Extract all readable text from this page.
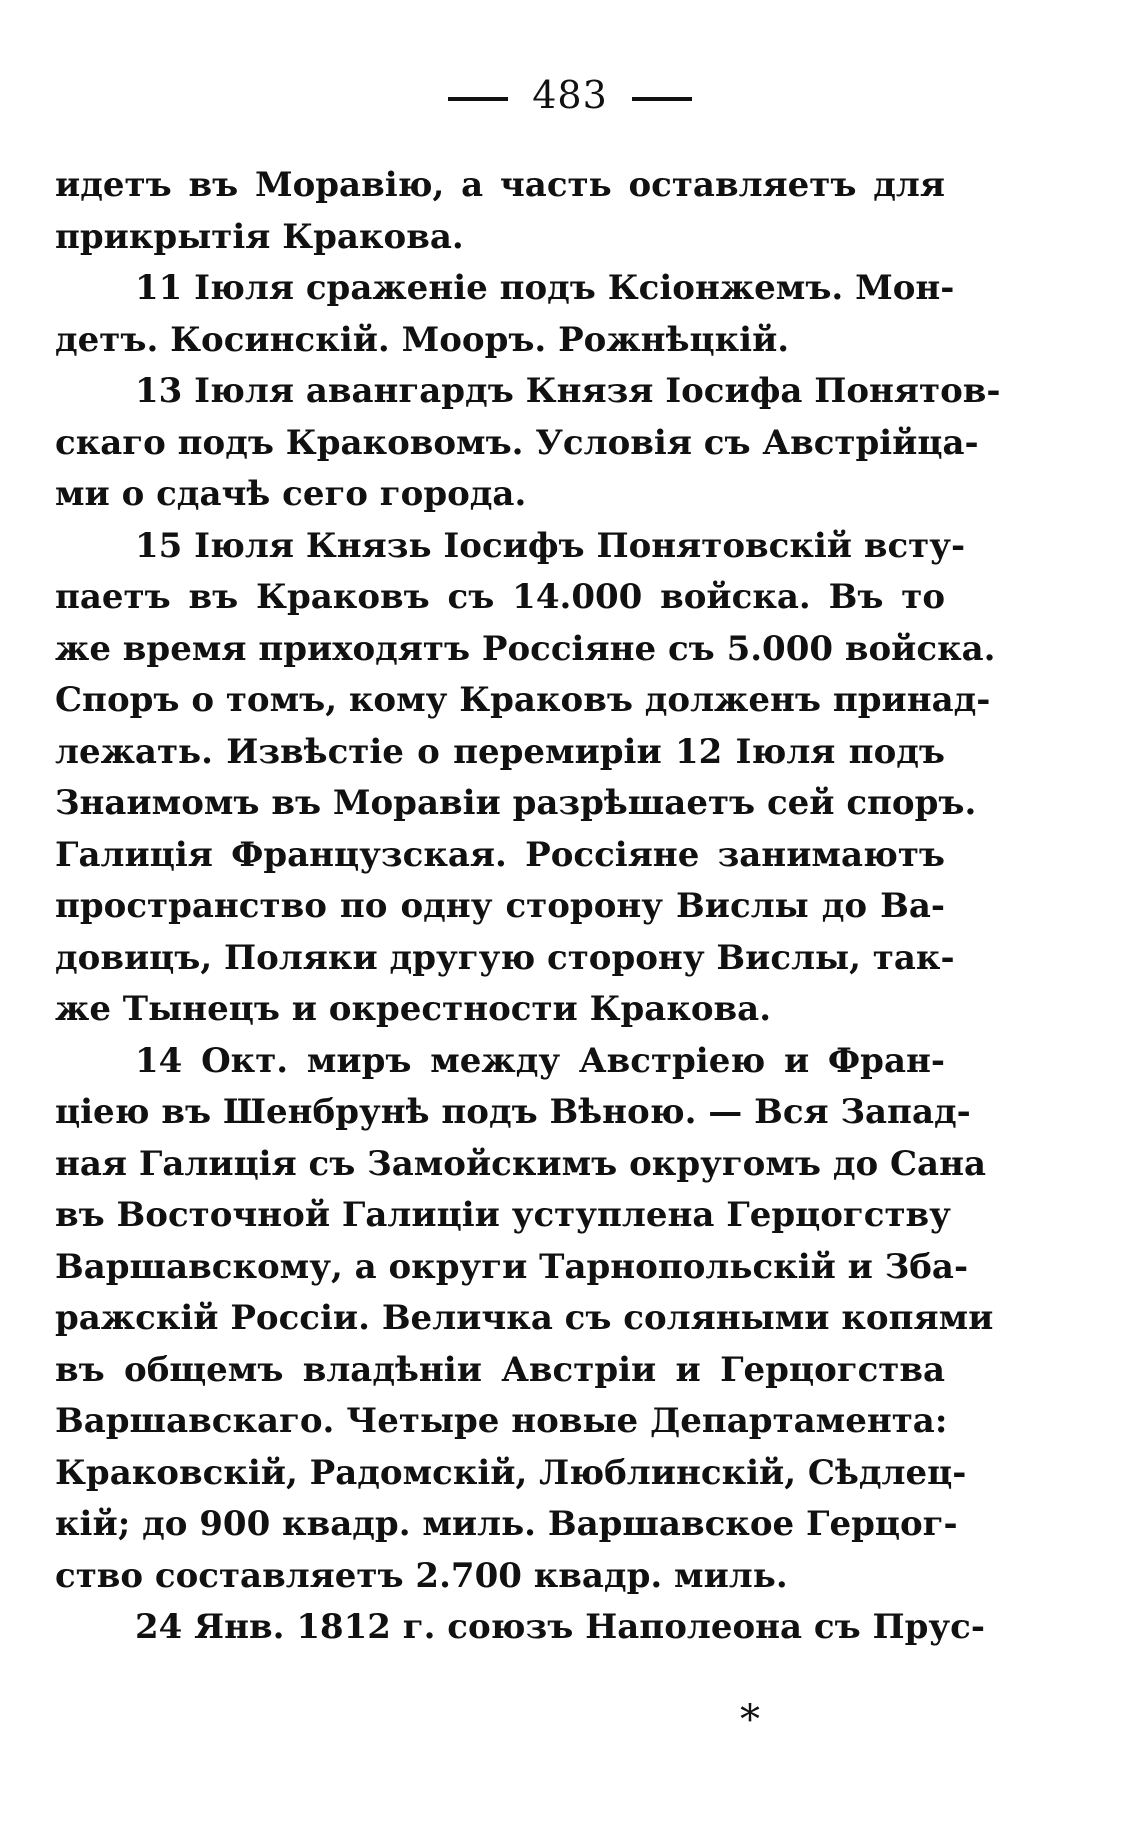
483
идетъ въ Моравію, а часть оставляетъ для
прикрытія Кракова.
11 Іюля сраженіе подъ Ксіонжемъ. Мон-
детъ. Косинскій. Мооръ. Рожнѣцкій.
13 Іюля авангардъ Князя Іосифа Понятов-
скаго подъ Краковомъ. Условія съ Австрійца-
ми о сдачѣ сего города.
15 Іюля Князь Іосифъ Понятовскій всту-
паетъ въ Краковъ съ 14.000 войска. Въ то
же время приходятъ Россіяне съ 5.000 войска.
Споръ о томъ, кому Краковъ долженъ принад-
лежать. Извѣстіе о перемиріи 12 Іюля подъ
Знаимомъ въ Моравіи разрѣшаетъ сей споръ.
Галиція Французская. Россіяне занимаютъ
пространство по одну сторону Вислы до Ва-
довицъ, Поляки другую сторону Вислы, так-
же Тынецъ и окрестности Кракова.
14 Окт. миръ между Австріею и Фран-
ціею въ Шенбрунѣ подъ Вѣною. — Вся Запад-
ная Галиція съ Замойскимъ округомъ до Сана
въ Восточной Галиціи уступлена Герцогству
Варшавскому, а округи Тарнопольскій и Зба-
ражскій Россіи. Величка съ соляными копями
въ общемъ владѣніи Австріи и Герцогства
Варшавскаго. Четыре новые Департамента:
Краковскій, Радомскій, Люблинскій, Сѣдлец-
кій; до 900 квадр. миль. Варшавское Герцог-
ство составляетъ 2.700 квадр. миль.
24 Янв. 1812 г. союзъ Наполеона съ Прус-
*
